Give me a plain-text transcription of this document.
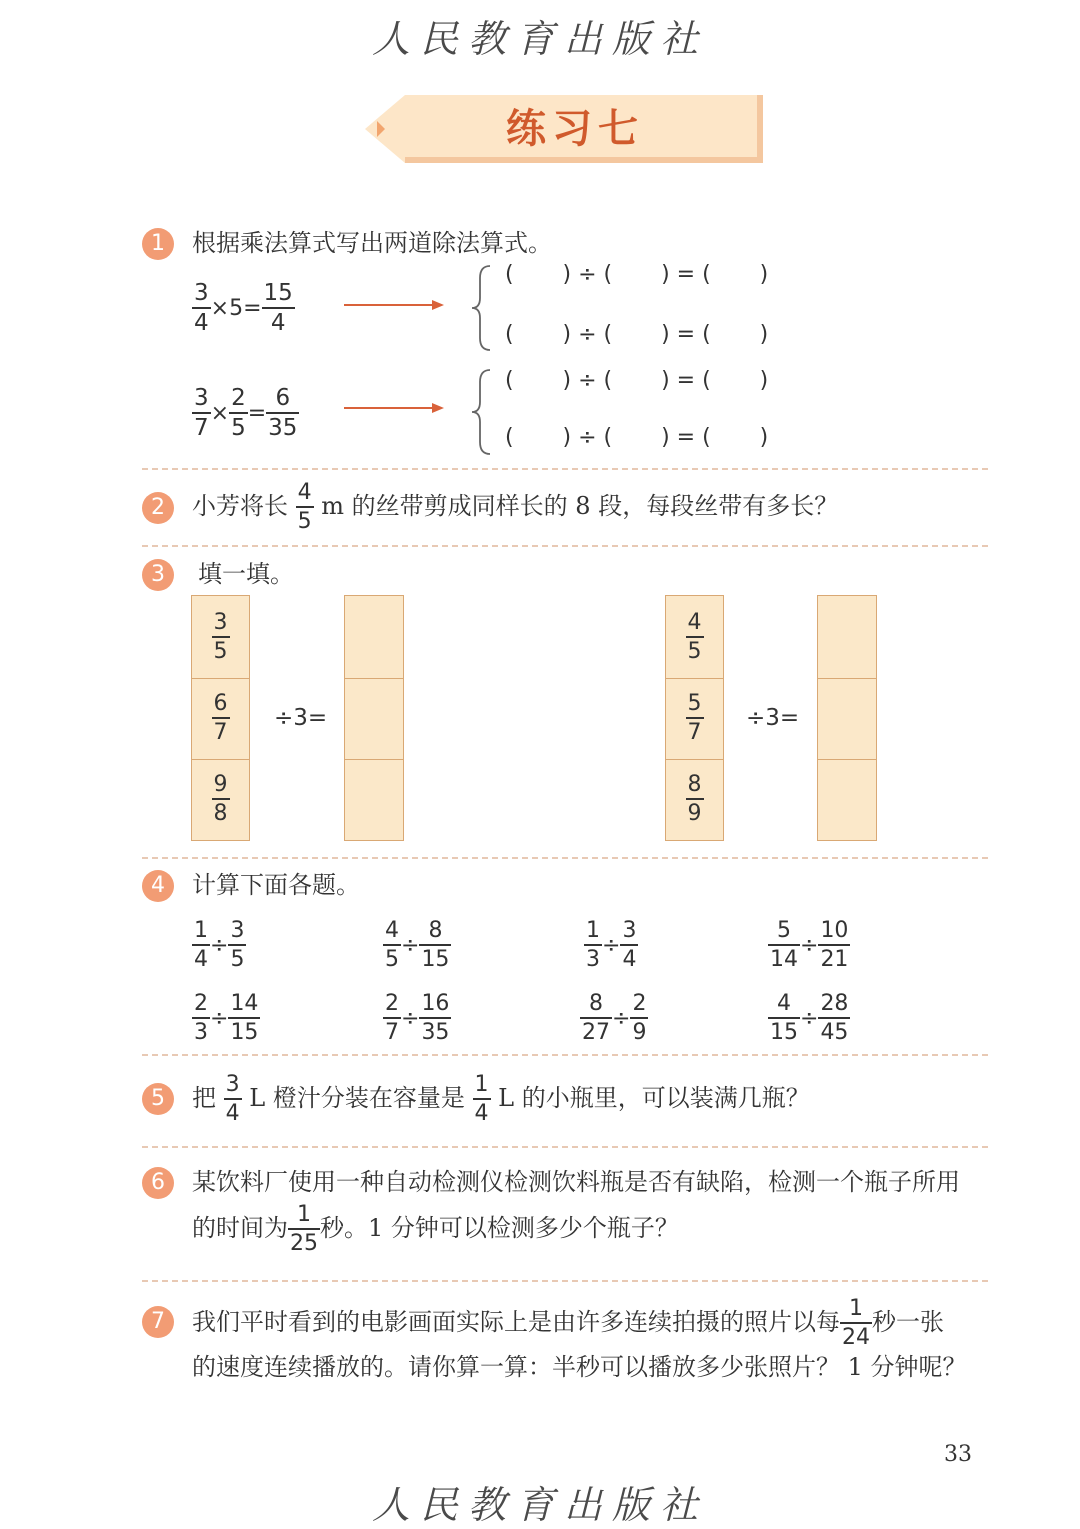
人民教育出版社
练习七
1	根据乘法算式写出两道除法算式。
$\frac{3}{4} \times 5= \frac{15}{4}$
(       ) ÷ (       ) = (       )
(       ) ÷ (       ) = (       )
$\frac{3}{7} \times \frac{2}{5} = \frac{6}{35}$
(       ) ÷ (       ) = (       )
(       ) ÷ (       ) = (       )
2	小芳将长 $\frac{4}{5}$ m 的丝带剪成同样长的 8 段，每段丝带有多长？
3	填一填。
$\frac{3}{5}$
$\frac{6}{7}$
$\frac{9}{8}$
÷3=
$\frac{4}{5}$
$\frac{5}{7}$
$\frac{8}{9}$
÷3=
4	计算下面各题。
$\frac{1}{4} \div \frac{3}{5}$	$\frac{4}{5} \div \frac{8}{15}$	$\frac{1}{3} \div \frac{3}{4}$	$\frac{5}{14} \div \frac{10}{21}$
$\frac{2}{3} \div \frac{14}{15}$	$\frac{2}{7} \div \frac{16}{35}$	$\frac{8}{27} \div \frac{2}{9}$	$\frac{4}{15} \div \frac{28}{45}$
5	把 $\frac{3}{4}$ L 橙汁分装在容量是 $\frac{1}{4}$ L 的小瓶里，可以装满几瓶？
6	某饮料厂使用一种自动检测仪检测饮料瓶是否有缺陷，检测一个瓶子所用
的时间为 $\frac{1}{25}$ 秒。1 分钟可以检测多少个瓶子？
7	我们平时看到的电影画面实际上是由许多连续拍摄的照片以每 $\frac{1}{24}$ 秒一张
的速度连续播放的。请你算一算：半秒可以播放多少张照片？ 1 分钟呢？
33
人民教育出版社
